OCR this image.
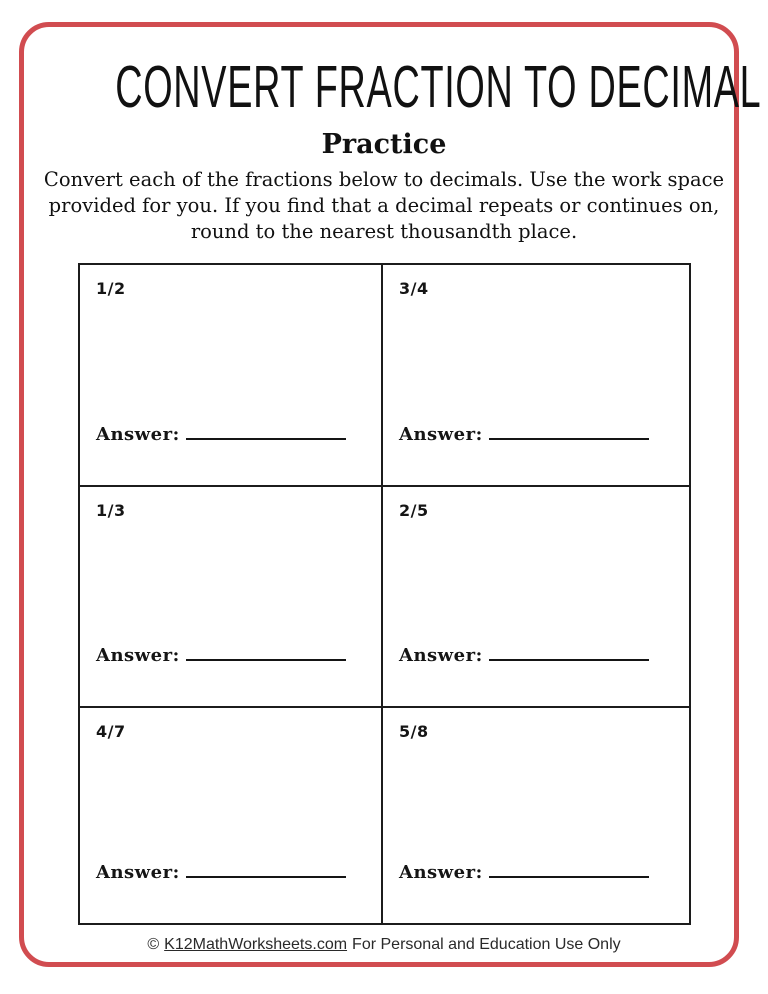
CONVERT FRACTION TO DECIMAL
Practice
Convert each of the fractions below to decimals. Use the work space
provided for you. If you find that a decimal repeats or continues on,
round to the nearest thousandth place.
1/2
Answer:
3/4
Answer:
1/3
Answer:
2/5
Answer:
4/7
Answer:
5/8
Answer:
© K12MathWorksheets.com For Personal and Education Use Only
